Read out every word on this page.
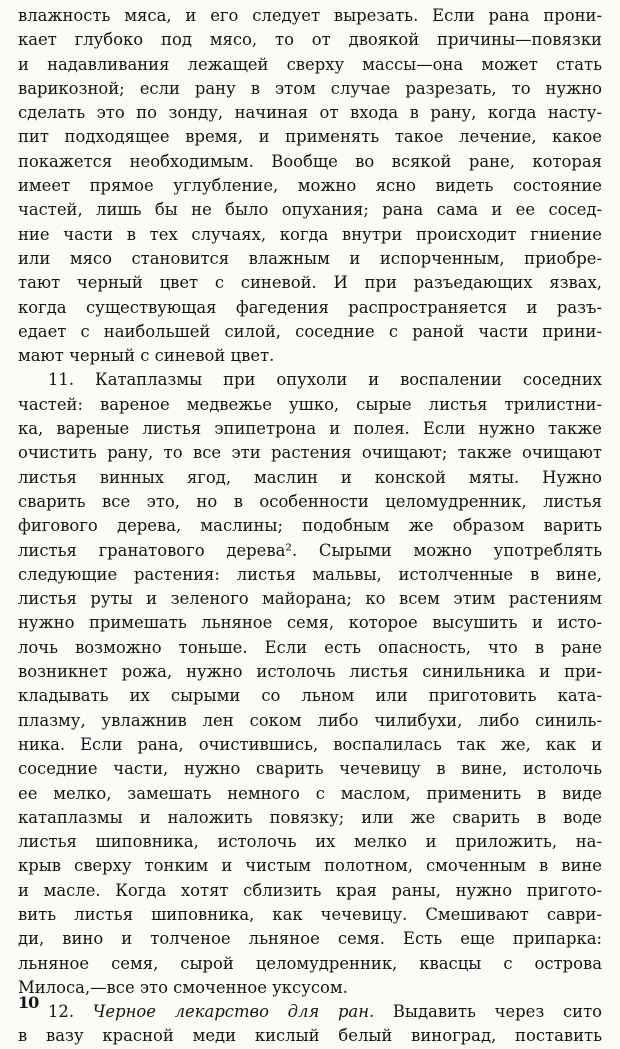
влажность мяса, и его следует вырезать. Если рана прони-
кает глубоко под мясо, то от двоякой причины—повязки
и надавливания лежащей сверху массы—она может стать
варикозной; если рану в этом случае разрезать, то нужно
сделать это по зонду, начиная от входа в рану, когда насту-
пит подходящее время, и применять такое лечение, какое
покажется необходимым. Вообще во всякой ране, которая
имеет прямое углубление, можно ясно видеть состояние
частей, лишь бы не было опухания; рана сама и ее сосед-
ние части в тех случаях, когда внутри происходит гниение
или мясо становится влажным и испорченным, приобре-
тают черный цвет с синевой. И при разъедающих язвах,
когда существующая фагедения распространяется и разъ-
едает с наибольшей силой, соседние с раной части прини-
мают черный с синевой цвет.
11. Катаплазмы при опухоли и воспалении соседних
частей: вареное медвежье ушко, сырые листья трилистни-
ка, вареные листья эпипетрона и полея. Если нужно также
очистить рану, то все эти растения очищают; также очищают
листья винных ягод, маслин и конской мяты. Нужно
сварить все это, но в особенности целомудренник, листья
фигового дерева, маслины; подобным же образом варить
листья гранатового дерева². Сырыми можно употреблять
следующие растения: листья мальвы, истолченные в вине,
листья руты и зеленого майорана; ко всем этим растениям
нужно примешать льняное семя, которое высушить и исто-
лочь возможно тоньше. Если есть опасность, что в ране
возникнет рожа, нужно истолочь листья синильника и при-
кладывать их сырыми со льном или приготовить ката-
плазму, увлажнив лен соком либо чилибухи, либо синиль-
ника. Если рана, очистившись, воспалилась так же, как и
соседние части, нужно сварить чечевицу в вине, истолочь
ее мелко, замешать немного с маслом, применить в виде
катаплазмы и наложить повязку; или же сварить в воде
листья шиповника, истолочь их мелко и приложить, на-
крыв сверху тонким и чистым полотном, смоченным в вине
и масле. Когда хотят сблизить края раны, нужно пригото-
вить листья шиповника, как чечевицу. Смешивают саври-
ди, вино и толченое льняное семя. Есть еще припарка:
льняное семя, сырой целомудренник, квасцы с острова
Милоса,—все это смоченное уксусом.
12. Черное лекарство для ран. Выдавить через сито
в вазу красной меди кислый белый виноград, поставить
10
